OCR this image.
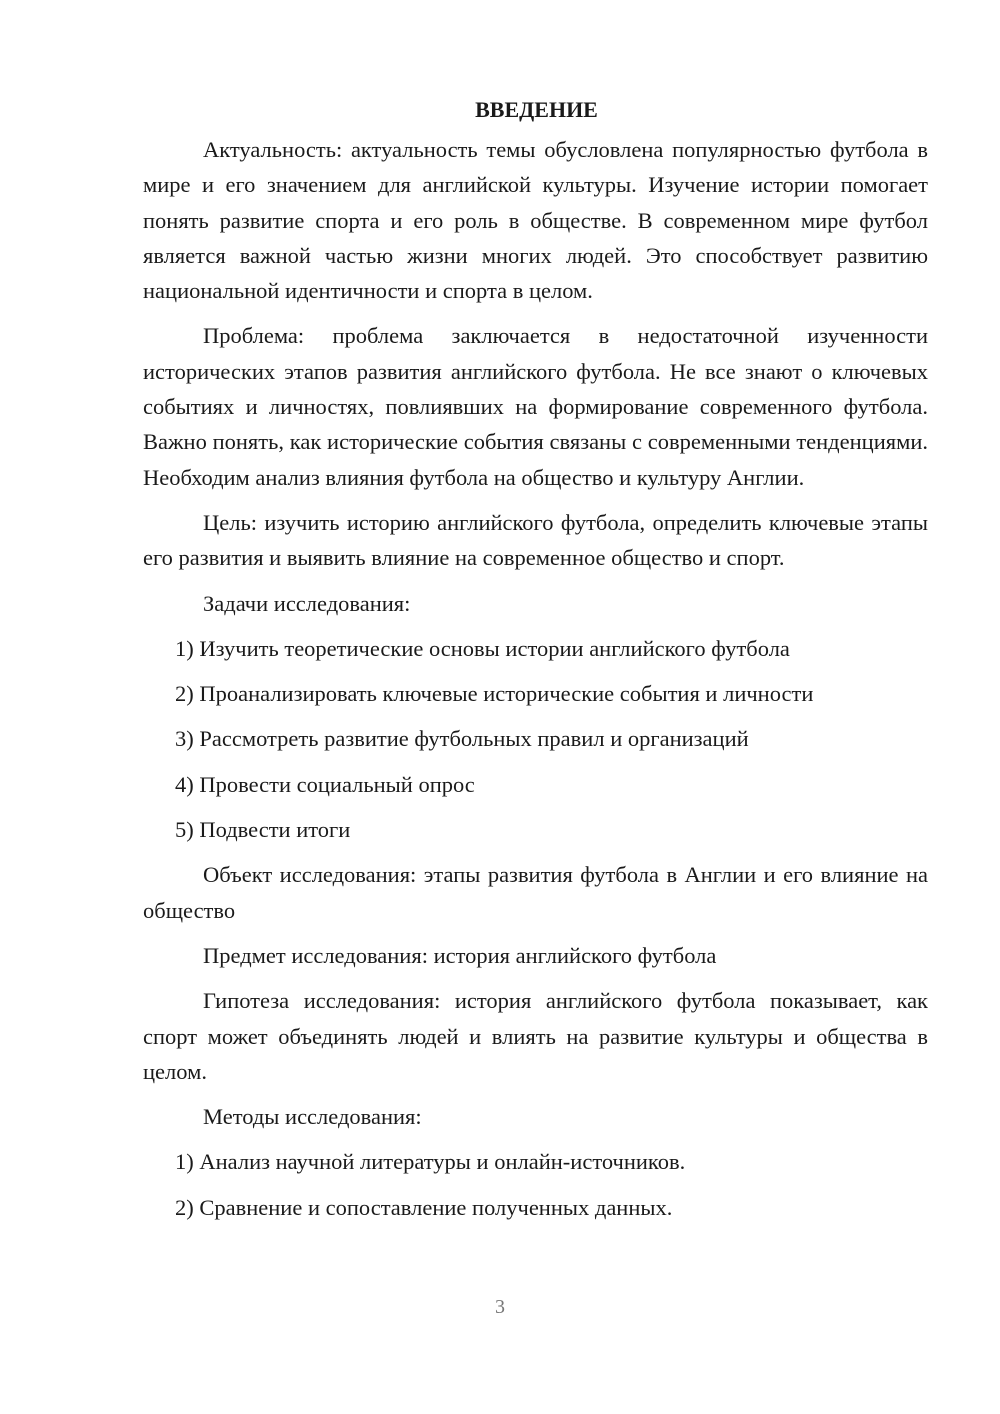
ВВЕДЕНИЕ

Актуальность: актуальность темы обусловлена популярностью футбола в мире и его значением для английской культуры. Изучение истории помогает понять развитие спорта и его роль в обществе. В современном мире футбол является важной частью жизни многих людей. Это способствует развитию национальной идентичности и спорта в целом.

Проблема: проблема заключается в недостаточной изученности исторических этапов развития английского футбола. Не все знают о ключевых событиях и личностях, повлиявших на формирование современного футбола. Важно понять, как исторические события связаны с современными тенденциями. Необходим анализ влияния футбола на общество и культуру Англии.

Цель: изучить историю английского футбола, определить ключевые этапы его развития и выявить влияние на современное общество и спорт.

Задачи исследования:

1) Изучить теоретические основы истории английского футбола

2) Проанализировать ключевые исторические события и личности

3) Рассмотреть развитие футбольных правил и организаций

4) Провести социальный опрос

5) Подвести итоги

Объект исследования: этапы развития футбола в Англии и его влияние на общество

Предмет исследования: история английского футбола

Гипотеза исследования: история английского футбола показывает, как спорт может объединять людей и влиять на развитие культуры и общества в целом.

Методы исследования:

1) Анализ научной литературы и онлайн-источников.

2) Сравнение и сопоставление полученных данных.

3
